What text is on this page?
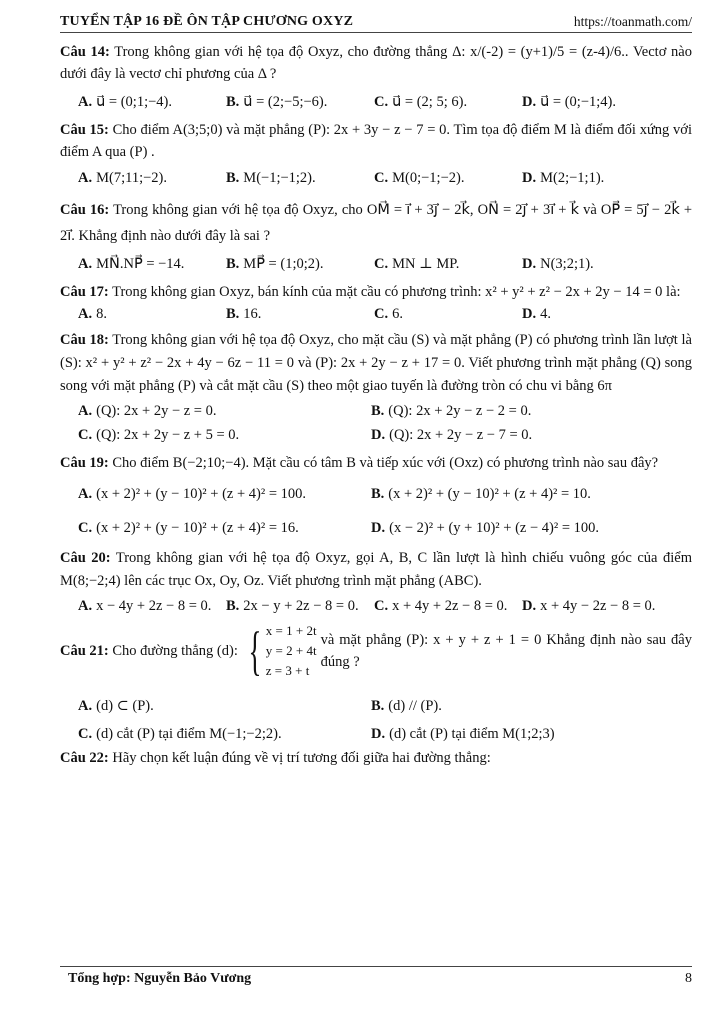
TUYỂN TẬP 16 ĐỀ ÔN TẬP CHƯƠNG OXYZ	https://toanmath.com/

Câu 14: Trong không gian với hệ tọa độ Oxyz, cho đường thẳng Δ: x/(-2) = (y+1)/5 = (z-4)/6.. Vectơ nào dưới đây là vectơ chỉ phương của Δ ?

A. u⃗ = (0;1;−4).	B. u⃗ = (2;−5;−6).	C. u⃗ = (2; 5; 6).	D. u⃗ = (0;−1;4).

Câu 15: Cho điểm A(3;5;0) và mặt phẳng (P): 2x + 3y − z − 7 = 0. Tìm tọa độ điểm M là điểm đối xứng với điểm A qua (P) .

A. M(7;11;−2).	B. M(−1;−1;2).	C. M(0;−1;−2).	D. M(2;−1;1).

Câu 16: Trong không gian với hệ tọa độ Oxyz, cho OM⃗ = i⃗ + 3j⃗ − 2k⃗, ON⃗ = 2j⃗ + 3i⃗ + k⃗ và OP⃗ = 5j⃗ − 2k⃗ + 2i⃗. Khẳng định nào dưới đây là sai ?

A. MN⃗.NP⃗ = −14.	B. MP⃗ = (1;0;2).	C. MN ⊥ MP.	D. N(3;2;1).

Câu 17: Trong không gian Oxyz, bán kính của mặt cầu có phương trình: x² + y² + z² − 2x + 2y − 14 = 0 là:

A. 8.	B. 16.	C. 6.	D. 4.

Câu 18: Trong không gian với hệ tọa độ Oxyz, cho mặt cầu (S) và mặt phẳng (P) có phương trình lần lượt là (S): x² + y² + z² − 2x + 4y − 6z − 11 = 0 và (P): 2x + 2y − z + 17 = 0. Viết phương trình mặt phẳng (Q) song song với mặt phẳng (P) và cắt mặt cầu (S) theo một giao tuyến là đường tròn có chu vi bằng 6π

A. (Q): 2x + 2y − z = 0.	B. (Q): 2x + 2y − z − 2 = 0.
C. (Q): 2x + 2y − z + 5 = 0.	D. (Q): 2x + 2y − z − 7 = 0.

Câu 19: Cho điểm B(−2;10;−4). Mặt cầu có tâm B và tiếp xúc với (Oxz) có phương trình nào sau đây?

A. (x + 2)² + (y − 10)² + (z + 4)² = 100.	B. (x + 2)² + (y − 10)² + (z + 4)² = 10.
C. (x + 2)² + (y − 10)² + (z + 4)² = 16.	D. (x − 2)² + (y + 10)² + (z − 4)² = 100.

Câu 20: Trong không gian với hệ tọa độ Oxyz, gọi A, B, C lần lượt là hình chiếu vuông góc của điểm M(8;−2;4) lên các trục Ox, Oy, Oz. Viết phương trình mặt phẳng (ABC).

A. x − 4y + 2z − 8 = 0.	B. 2x − y + 2z − 8 = 0.	C. x + 4y + 2z − 8 = 0.	D. x + 4y − 2z − 8 = 0.

Câu 21:
Cho đường thẳng (d): { x = 1 + 2t
y = 2 + 4t
z = 3 + t
và mặt phẳng (P): x + y + z + 1 = 0 Khẳng định nào sau đây đúng ?

A. (d) ⊂ (P).	B. (d) // (P).
C. (d) cắt (P) tại điểm M(−1;−2;2).	D. (d) cắt (P) tại điểm M(1;2;3)

Câu 22: Hãy chọn kết luận đúng về vị trí tương đối giữa hai đường thẳng:

Tổng hợp: Nguyễn Bảo Vương	8
